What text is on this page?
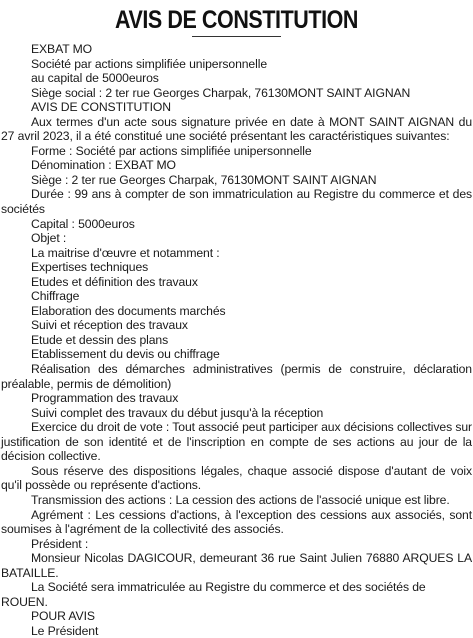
AVIS DE CONSTITUTION

EXBAT MO

Société par actions simplifiée unipersonnelle

au capital de 5000euros

Siège social : 2 ter rue Georges Charpak, 76130MONT SAINT AIGNAN

AVIS DE CONSTITUTION

Aux termes d'un acte sous signature privée en date à MONT SAINT AIGNAN du 27 avril 2023, il a été constitué une société présentant les caractéristiques suivantes:

Forme : Société par actions simplifiée unipersonnelle

Dénomination : EXBAT MO

Siège : 2 ter rue Georges Charpak, 76130MONT SAINT AIGNAN

Durée : 99 ans à compter de son immatriculation au Registre du commerce et des sociétés

Capital : 5000euros

Objet :

La maitrise d'œuvre et notamment :

Expertises techniques

Etudes et définition des travaux

Chiffrage

Elaboration des documents marchés

Suivi et réception des travaux

Etude et dessin des plans

Etablissement du devis ou chiffrage

Réalisation des démarches administratives (permis de construire, déclaration préalable, permis de démolition)

Programmation des travaux

Suivi complet des travaux du début jusqu'à la réception

Exercice du droit de vote : Tout associé peut participer aux décisions collectives sur justification de son identité et de l'inscription en compte de ses actions au jour de la décision collective.

Sous réserve des dispositions légales, chaque associé dispose d'autant de voix qu'il possède ou représente d'actions.

Transmission des actions : La cession des actions de l'associé unique est libre.

Agrément : Les cessions d'actions, à l'exception des cessions aux associés, sont soumises à l'agrément de la collectivité des associés.

Président :

Monsieur Nicolas DAGICOUR, demeurant 36 rue Saint Julien 76880 ARQUES LA BATAILLE.

La Société sera immatriculée au Registre du commerce et des sociétés de ROUEN.

POUR AVIS

Le Président
